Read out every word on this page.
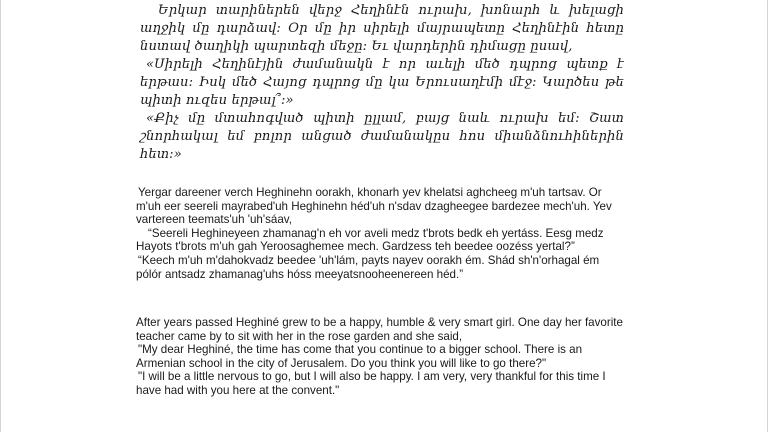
Երկար տարիներեն վերջ Հեղինէն ուրախ, խոնարհ և խելացի աղջիկ մը դարձավ: Օր մը իր սիրելի մայրապետը Հեղինէին հետը նստավ ծաղիկի պարտեզի մեջը: Եւ վարդերին դիմացը ըսավ,

«Սիրելի Հեղինէյին ժամանակն է որ աւելի մեծ դպրոց պետք է երթաս: Իսկ մեծ Հայոց դպրոց մը կա Երուսաղէմի մէջ: Կարծես թե պիտի ուզես երթալ՞:»

«Քիչ մը մտահոգված պիտի ըլլամ, բայց նաև ուրախ եմ: Շատ շնորհակալ եմ բոլոր անցած ժամանակըս հոս միանձնուհիներին հետ:»

Yergar dareener verch Heghinehn oorakh, khonarh yev khelatsi aghcheeg m'uh tartsav. Or m'uh eer seereli mayrabed'uh Heghinehn héd'uh n'sdav dzagheegee bardezee mech'uh. Yev vartereen teemats'uh 'uh'sáav,

“Seereli Heghineyeen zhamanag'n eh vor aveli medz t'brots bedk eh yertáss. Eesg medz Hayots t'brots m'uh gah Yeroosaghemee mech. Gardzess teh beedee oozéss yertal?”

“Keech m'uh m'dahokvadz beedee 'uh'lám, payts nayev oorakh ém. Shád sh'n'orhagal ém pólór antsadz zhamanag'uhs hóss meeyatsnooheenereen héd.”

After years passed Heghiné grew to be a happy, humble & very smart girl. One day her favorite teacher came by to sit with her in the rose garden and she said,

"My dear Heghiné, the time has come that you continue to a bigger school. There is an Armenian school in the city of Jerusalem. Do you think you will like to go there?"

"I will be a little nervous to go, but I will also be happy. I am very, very thankful for this time I have had with you here at the convent."
